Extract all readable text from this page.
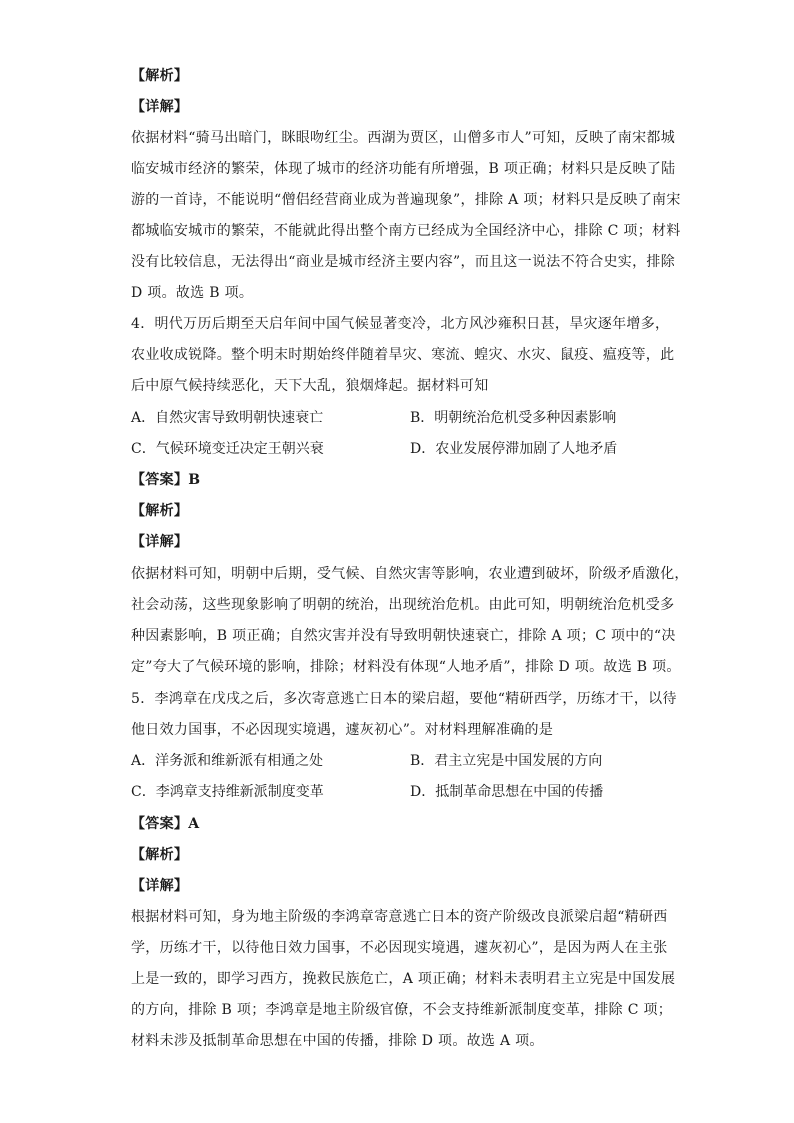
【解析】
【详解】
依据材料“骑马出暗门，眯眼吻红尘。西湖为贾区，山僧多市人”可知，反映了南宋都城
临安城市经济的繁荣，体现了城市的经济功能有所增强，B 项正确；材料只是反映了陆
游的一首诗，不能说明“僧侣经营商业成为普遍现象”，排除 A 项；材料只是反映了南宋
都城临安城市的繁荣，不能就此得出整个南方已经成为全国经济中心，排除 C 项；材料
没有比较信息，无法得出“商业是城市经济主要内容”，而且这一说法不符合史实，排除
D 项。故选 B 项。
4．明代万历后期至天启年间中国气候显著变冷，北方风沙雍积日甚，旱灾逐年增多，
农业收成锐降。整个明末时期始终伴随着旱灾、寒流、蝗灾、水灾、鼠疫、瘟疫等，此
后中原气候持续恶化，天下大乱，狼烟烽起。据材料可知
A．自然灾害导致明朝快速衰亡	B．明朝统治危机受多种因素影响
C．气候环境变迁决定王朝兴衰	D．农业发展停滞加剧了人地矛盾
【答案】B
【解析】
【详解】
依据材料可知，明朝中后期，受气候、自然灾害等影响，农业遭到破坏，阶级矛盾激化，
社会动荡，这些现象影响了明朝的统治，出现统治危机。由此可知，明朝统治危机受多
种因素影响，B 项正确；自然灾害并没有导致明朝快速衰亡，排除 A 项；C 项中的“决
定”夸大了气候环境的影响，排除；材料没有体现“人地矛盾”，排除 D 项。故选 B 项。
5．李鸿章在戊戌之后，多次寄意逃亡日本的梁启超，要他“精研西学，历练才干，以待
他日效力国事，不必因现实境遇，遽灰初心”。对材料理解准确的是
A．洋务派和维新派有相通之处	B．君主立宪是中国发展的方向
C．李鸿章支持维新派制度变革	D．抵制革命思想在中国的传播
【答案】A
【解析】
【详解】
根据材料可知，身为地主阶级的李鸿章寄意逃亡日本的资产阶级改良派梁启超“精研西
学，历练才干，以待他日效力国事，不必因现实境遇，遽灰初心”，是因为两人在主张
上是一致的，即学习西方，挽救民族危亡，A 项正确；材料未表明君主立宪是中国发展
的方向，排除 B 项；李鸿章是地主阶级官僚，不会支持维新派制度变革，排除 C 项；
材料未涉及抵制革命思想在中国的传播，排除 D 项。故选 A 项。
